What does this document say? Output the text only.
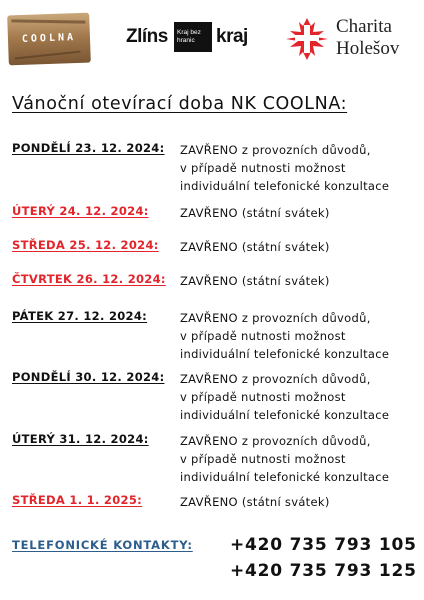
COOLNA	Zlíns Kraj bez
hranic	kraj	Charita
Holešov
Vánoční otevírací doba NK COOLNA:
PONDĚLÍ 23. 12. 2024: ZAVŘENO z provozních důvodů,
v případě nutnosti možnost
individuální telefonické konzultace
ÚTERÝ 24. 12. 2024:	ZAVŘENO (státní svátek)
STŘEDA 25. 12. 2024: ZAVŘENO (státní svátek)
ČTVRTEK 26. 12. 2024: ZAVŘENO (státní svátek)
PÁTEK 27. 12. 2024:	ZAVŘENO z provozních důvodů,
v případě nutnosti možnost
individuální telefonické konzultace
PONDĚLÍ 30. 12. 2024: ZAVŘENO z provozních důvodů,
v případě nutnosti možnost
individuální telefonické konzultace
ÚTERÝ 31. 12. 2024:	ZAVŘENO z provozních důvodů,
v případě nutnosti možnost
individuální telefonické konzultace
STŘEDA 1. 1. 2025:	ZAVŘENO (státní svátek)
TELEFONICKÉ KONTAKTY: +420 735 793 105
+420 735 793 125
